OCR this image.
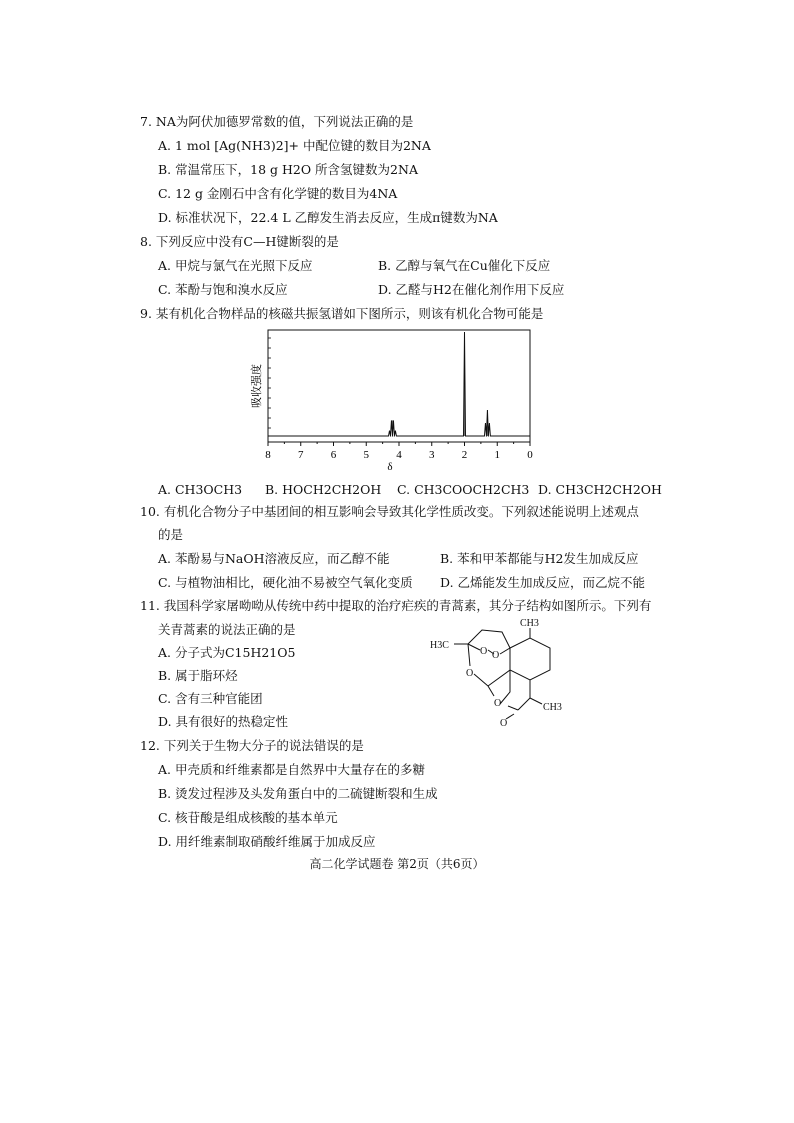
7. NA为阿伏加德罗常数的值，下列说法正确的是
A. 1 mol [Ag(NH3)2]+ 中配位键的数目为2NA
B. 常温常压下，18 g H2O 所含氢键数为2NA
C. 12 g 金刚石中含有化学键的数目为4NA
D. 标准状况下，22.4 L 乙醇发生消去反应，生成π键数为NA
8. 下列反应中没有C—H键断裂的是
A. 甲烷与氯气在光照下反应	B. 乙醇与氧气在Cu催化下反应
C. 苯酚与饱和溴水反应	D. 乙醛与H2在催化剂作用下反应
9. 某有机化合物样品的核磁共振氢谱如下图所示，则该有机化合物可能是
吸收强度
8 7 6 5 4 3 2 1 0
δ
A. CH3OCH3 B. HOCH2CH2OH C. CH3COOCH2CH3 D. CH3CH2CH2OH
10. 有机化合物分子中基团间的相互影响会导致其化学性质改变。下列叙述能说明上述观点
的是
A. 苯酚易与NaOH溶液反应，而乙醇不能	B. 苯和甲苯都能与H2发生加成反应
C. 与植物油相比，硬化油不易被空气氧化变质 D. 乙烯能发生加成反应，而乙烷不能
11. 我国科学家屠呦呦从传统中药中提取的治疗疟疾的青蒿素，其分子结构如图所示。下列有
关青蒿素的说法正确的是
A. 分子式为C15H21O5
B. 属于脂环烃
C. 含有三种官能团
D. 具有很好的热稳定性
CH3
H3C
CH3
O O
O
O
O
12. 下列关于生物大分子的说法错误的是
A. 甲壳质和纤维素都是自然界中大量存在的多糖
B. 烫发过程涉及头发角蛋白中的二硫键断裂和生成
C. 核苷酸是组成核酸的基本单元
D. 用纤维素制取硝酸纤维属于加成反应
高二化学试题卷 第2页（共6页）
